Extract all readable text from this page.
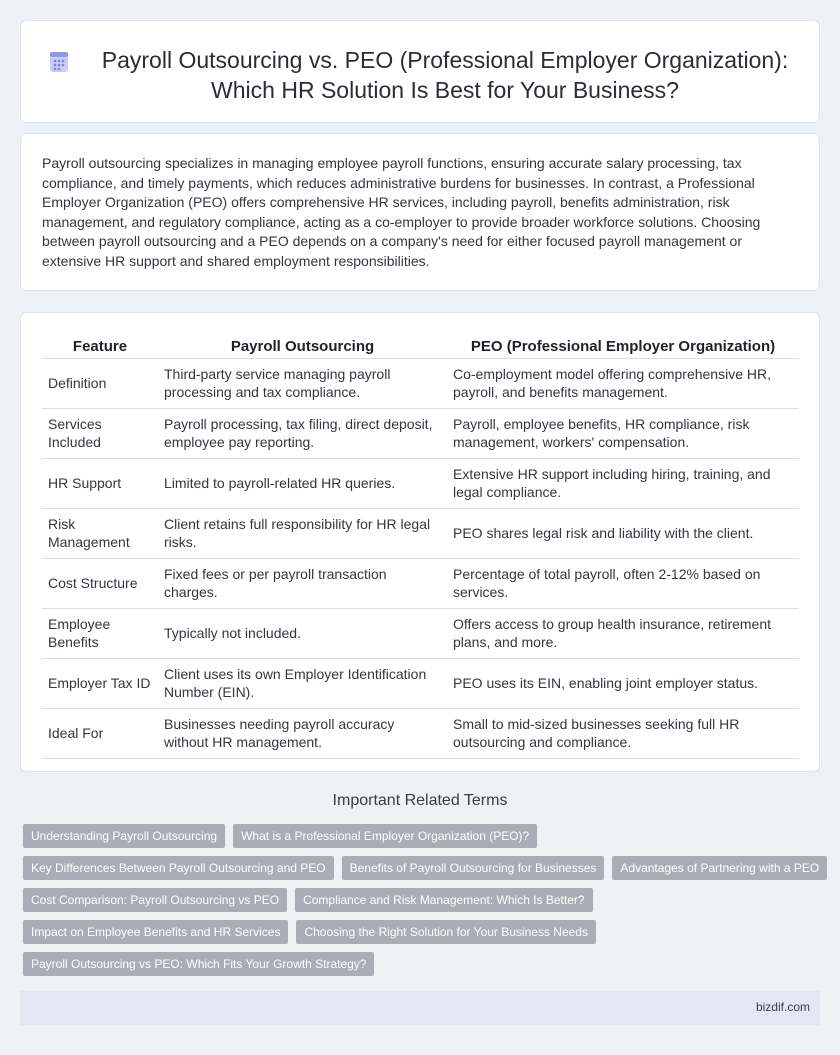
Payroll Outsourcing vs. PEO (Professional Employer Organization): Which HR Solution Is Best for Your Business?

Payroll outsourcing specializes in managing employee payroll functions, ensuring accurate salary processing, tax compliance, and timely payments, which reduces administrative burdens for businesses. In contrast, a Professional Employer Organization (PEO) offers comprehensive HR services, including payroll, benefits administration, risk management, and regulatory compliance, acting as a co-employer to provide broader workforce solutions. Choosing between payroll outsourcing and a PEO depends on a company's need for either focused payroll management or extensive HR support and shared employment responsibilities.

Feature	Payroll Outsourcing	PEO (Professional Employer Organization)
Definition	Third-party service managing payroll processing and tax compliance.	Co-employment model offering comprehensive HR, payroll, and benefits management.
Services Included	Payroll processing, tax filing, direct deposit, employee pay reporting.	Payroll, employee benefits, HR compliance, risk management, workers' compensation.
HR Support	Limited to payroll-related HR queries.	Extensive HR support including hiring, training, and legal compliance.
Risk Management	Client retains full responsibility for HR legal risks.	PEO shares legal risk and liability with the client.
Cost Structure	Fixed fees or per payroll transaction charges.	Percentage of total payroll, often 2-12% based on services.
Employee Benefits	Typically not included.	Offers access to group health insurance, retirement plans, and more.
Employer Tax ID	Client uses its own Employer Identification Number (EIN).	PEO uses its EIN, enabling joint employer status.
Ideal For	Businesses needing payroll accuracy without HR management.	Small to mid-sized businesses seeking full HR outsourcing and compliance.
Important Related Terms
Understanding Payroll Outsourcing	What is a Professional Employer Organization (PEO)?
Key Differences Between Payroll Outsourcing and PEO	Benefits of Payroll Outsourcing for Businesses	Advantages of Partnering with a PEO
Cost Comparison: Payroll Outsourcing vs PEO	Compliance and Risk Management: Which Is Better?
Impact on Employee Benefits and HR Services	Choosing the Right Solution for Your Business Needs
Payroll Outsourcing vs PEO: Which Fits Your Growth Strategy?
bizdif.com
